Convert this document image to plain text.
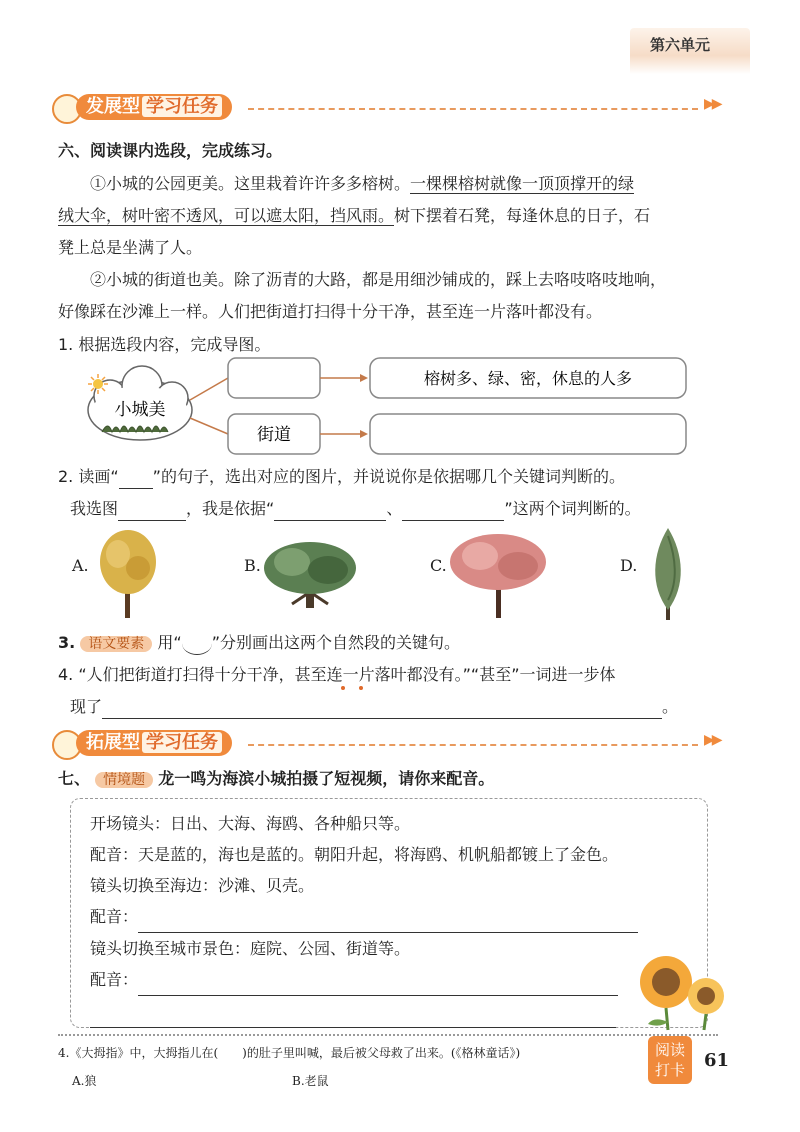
第六单元
发展型 学习任务	▶▶
六、阅读课内选段，完成练习。
①小城的公园更美。这里栽着许许多多榕树。一棵棵榕树就像一顶顶撑开的绿
绒大伞，树叶密不透风，可以遮太阳，挡风雨。树下摆着石凳，每逢休息的日子，石
凳上总是坐满了人。
②小城的街道也美。除了沥青的大路，都是用细沙铺成的，踩上去咯吱咯吱地响，
好像踩在沙滩上一样。人们把街道打扫得十分干净，甚至连一片落叶都没有。
1. 根据选段内容，完成导图。
小城美
街道
榕树多、绿、密，休息的人多
2. 读画“ ”的句子，选出对应的图片，并说说你是依据哪几个关键词判断的。
我选图	，我是依据“	、	”这两个词判断的。
A.	B.	C.	D.
3. 语文要素 用“ ”分别画出这两个自然段的关键句。
4. “人们把街道打扫得十分干净，甚至连一片落叶都没有。”“甚至”一词进一步体
现了	。
拓展型 学习任务	▶▶
七、 情境题 龙一鸣为海滨小城拍摄了短视频，请你来配音。
开场镜头：日出、大海、海鸥、各种船只等。
配音：天是蓝的，海也是蓝的。朝阳升起，将海鸥、机帆船都镀上了金色。
镜头切换至海边：沙滩、贝壳。
配音：
镜头切换至城市景色：庭院、公园、街道等。
配音：

4.《大拇指》中，大拇指儿在(　　)的肚子里叫喊，最后被父母救了出来。(《格林童话》)
A.狼	B.老鼠
阅读
打卡	61
